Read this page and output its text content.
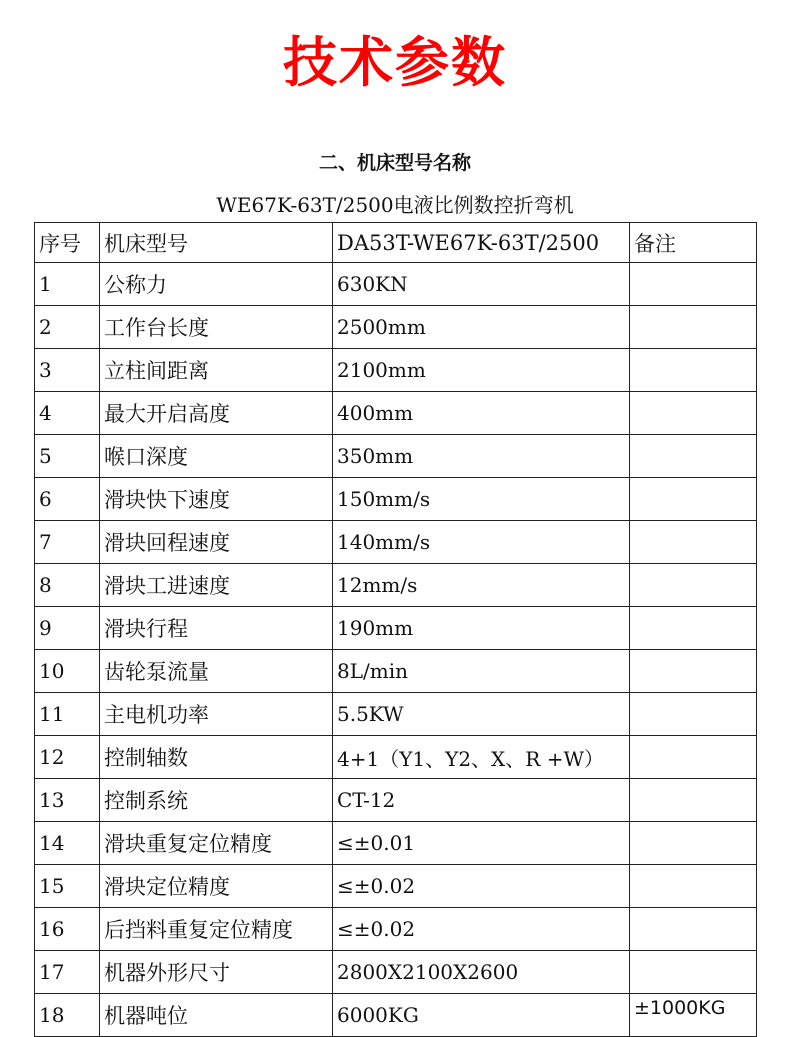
技术参数
二、机床型号名称
WE67K-63T/2500电液比例数控折弯机
序号	机床型号	DA53T-WE67K-63T/2500	备注
1	公称力	630KN	
2	工作台长度	2500mm	
3	立柱间距离	2100mm	
4	最大开启高度	400mm	
5	喉口深度	350mm	
6	滑块快下速度	150mm/s	
7	滑块回程速度	140mm/s	
8	滑块工进速度	12mm/s	
9	滑块行程	190mm	
10	齿轮泵流量	8L/min	
11	主电机功率	5.5KW	
12	控制轴数	4+1（Y1、Y2、X、R +W）	
13	控制系统	CT-12	
14	滑块重复定位精度	≤±0.01	
15	滑块定位精度	≤±0.02	
16	后挡料重复定位精度	≤±0.02	
17	机器外形尺寸	2800X2100X2600	
18	机器吨位	6000KG	±1000KG
